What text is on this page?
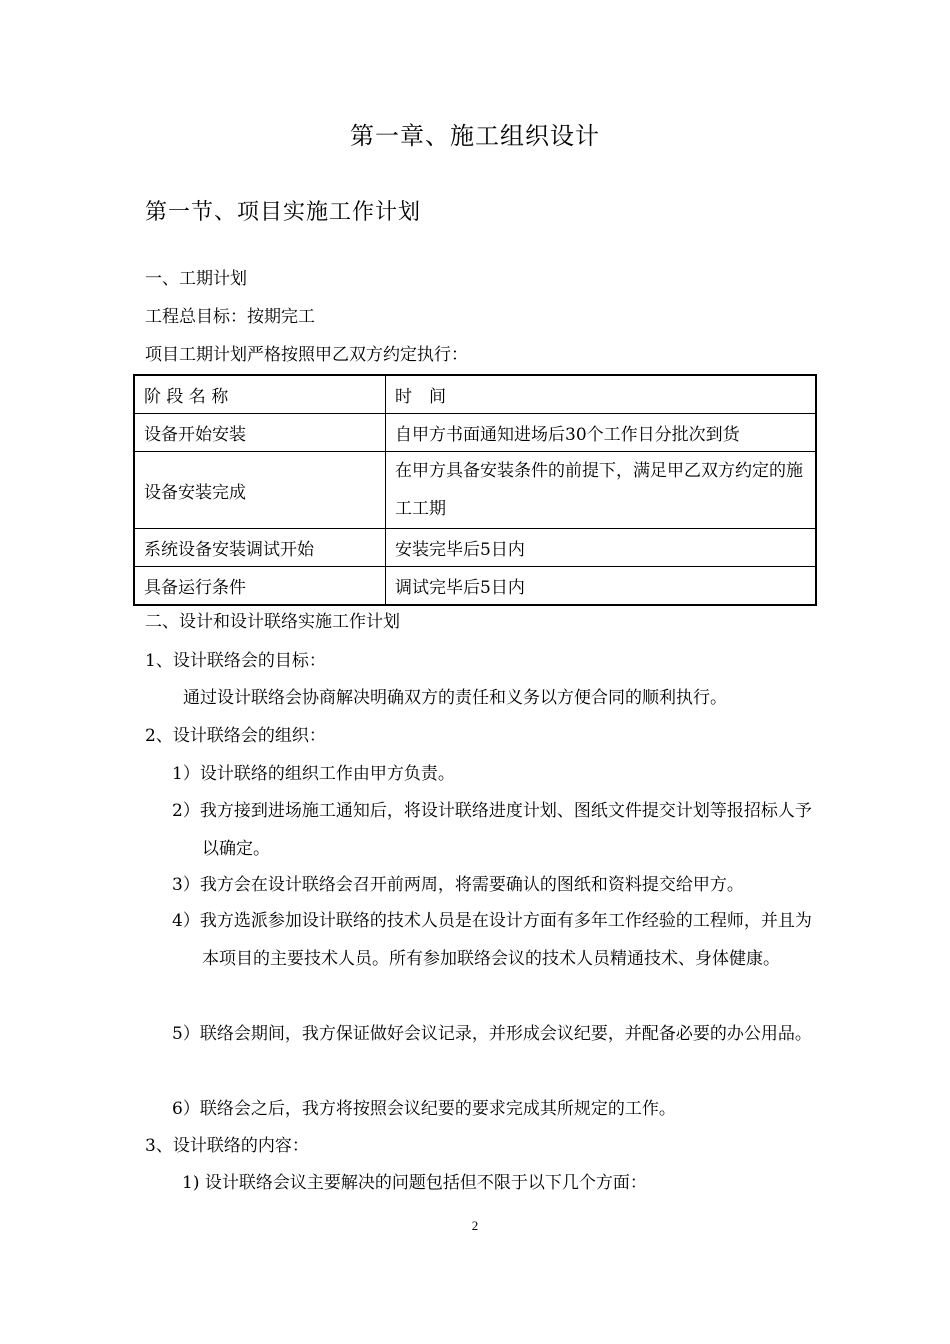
第一章、施工组织设计
第一节、项目实施工作计划
一、工期计划
工程总目标：按期完工
项目工期计划严格按照甲乙双方约定执行：
阶 段 名 称	时　间
设备开始安装	自甲方书面通知进场后30个工作日分批次到货
设备安装完成	在甲方具备安装条件的前提下，满足甲乙双方约定的施工工期
系统设备安装调试开始	安装完毕后5日内
具备运行条件	调试完毕后5日内
二、设计和设计联络实施工作计划
1、设计联络会的目标：
通过设计联络会协商解决明确双方的责任和义务以方便合同的顺利执行。
2、设计联络会的组织：
1）设计联络的组织工作由甲方负责。
2）我方接到进场施工通知后，将设计联络进度计划、图纸文件提交计划等报招标人予以确定。
3）我方会在设计联络会召开前两周，将需要确认的图纸和资料提交给甲方。
4）我方选派参加设计联络的技术人员是在设计方面有多年工作经验的工程师，并且为本项目的主要技术人员。所有参加联络会议的技术人员精通技术、身体健康。
5）联络会期间，我方保证做好会议记录，并形成会议纪要，并配备必要的办公用品。
6）联络会之后，我方将按照会议纪要的要求完成其所规定的工作。
3、设计联络的内容：
1) 设计联络会议主要解决的问题包括但不限于以下几个方面：
2
